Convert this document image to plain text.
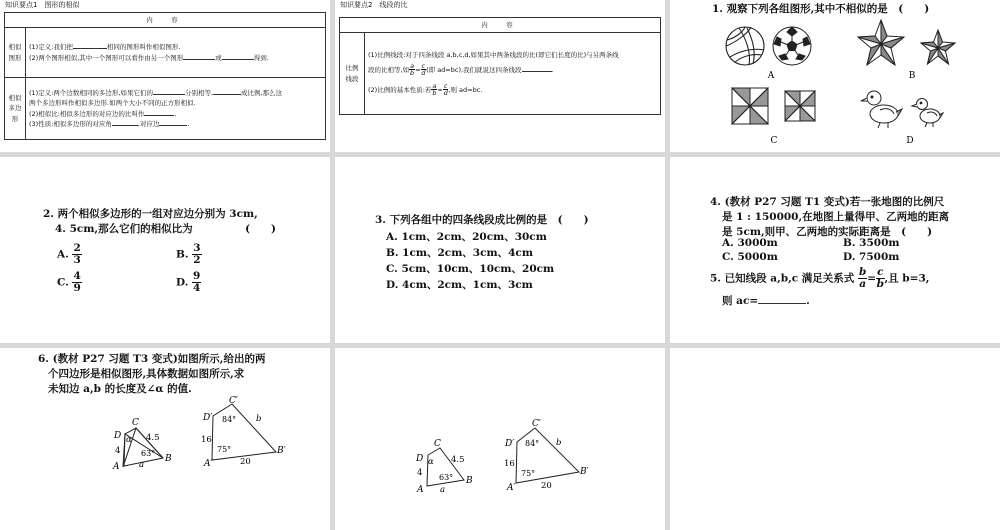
知识要点1　图形的相似
内　容	
相似图形	(1)定义:我们把 相同的图形叫作相似图形.
(2)两个图形相似,其中一个图形可以看作由另一个图形 或 得到.

相似多边形	(1)定义:两个边数相同的多边形,如果它们的 分别相等, 成比例,那么这
两个多边形叫作相似多边形.如两个大小不同的正方形相似.
(2)相似比:相似多边形的对应边的比叫作 .
(3)性质:相似多边形的对应角 ,对应边 .
知识要点2　线段的比
内　容
比例线段	
(1)比例线段:对于四条线段 a,b,c,d,如果其中两条线段的比(即它们长度的比)与另两条线
段的比相等,如 $\frac{a}{b} = \frac{c}{d}$ (即 ad=bc),我们就说这四条线段	.
(2)比例的基本性质:若 $\frac{a}{b} = \frac{c}{d}$ ,则 ad=bc.
1. 观察下列各组图形,其中不相似的是　(　　)
A	B
C	D
2. 两个相似多边形的一组对应边分别为 3cm,
4. 5cm,那么它们的相似比为　　　　　(　　)
A. $\frac{2}{3}$	B. $\frac{3}{2}$
C. $\frac{4}{9}$	D. $\frac{9}{4}$
3. 下列各组中的四条线段成比例的是　(　　)
A. 1cm、2cm、20cm、30cm
B. 1cm、2cm、3cm、4cm
C. 5cm、10cm、10cm、20cm
D. 4cm、2cm、1cm、3cm
4. (教材 P27 习题 T1 变式)若一张地图的比例尺
是 1 : 150000,在地图上量得甲、乙两地的距离
是 5cm,则甲、乙两地的实际距离是　(　　)
A. 3000m	B. 3500m
C. 5000m	D. 7500m
5. 已知线段 a,b,c 满足关系式 $\frac{b}{a} = \frac{c}{b}$ ,且 b=3,
则 ac=	.
6. (教材 P27 习题 T3 变式)如图所示,给出的两
个四边形是相似图形,具体数据如图所示,求
未知边 a,b 的长度及∠α 的值.
A
B
C
D	4.5
4
α
63°
a	A′
B′
C′
D′
16
20
84°
75°
b
A
B
C
D	4.5
4
α
63°
a	A′
B′
C′
D′
16
20
84°
75°
b
